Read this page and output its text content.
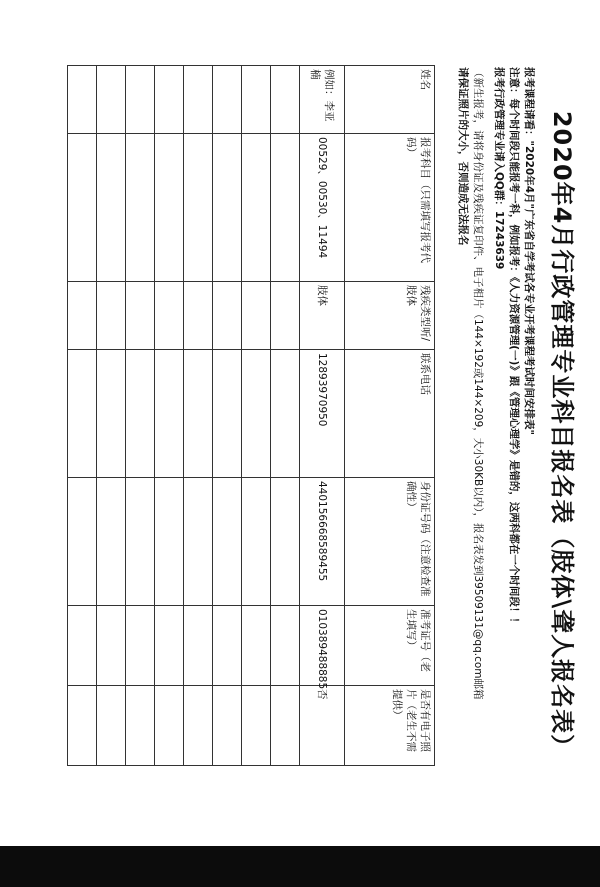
2020年4月行政管理专业科目报名表（肢体\聋人报名表）
报考课程请看："2020年4月"广东省自学考试各专业开考课程考试时间安排表"
注意：每个时间段只能报考一科，例如报考：《人力资源管理(一)》跟《管理心理学》是错的，这两科都在一个时间段！！
报考行政管理专业请入QQ群：17243639
（新生报考，请将身份证及残疾证复印件、电子相片（144×192或144×209，大小30KB以内），报名表发到39509131@qq.com邮箱
请保证照片的大小，否则造成无法报名
姓名	报考科目（只需填写报考代码）	残疾类型听/肢体	联系电话	身份证号码（注意检查准确性）	准考证号（老生填写）	是否有电子照片（老生不需提供）
例如：李亚楠	00529、00530、11494	肢体	12893970950	440156668589455	010389488885	否
